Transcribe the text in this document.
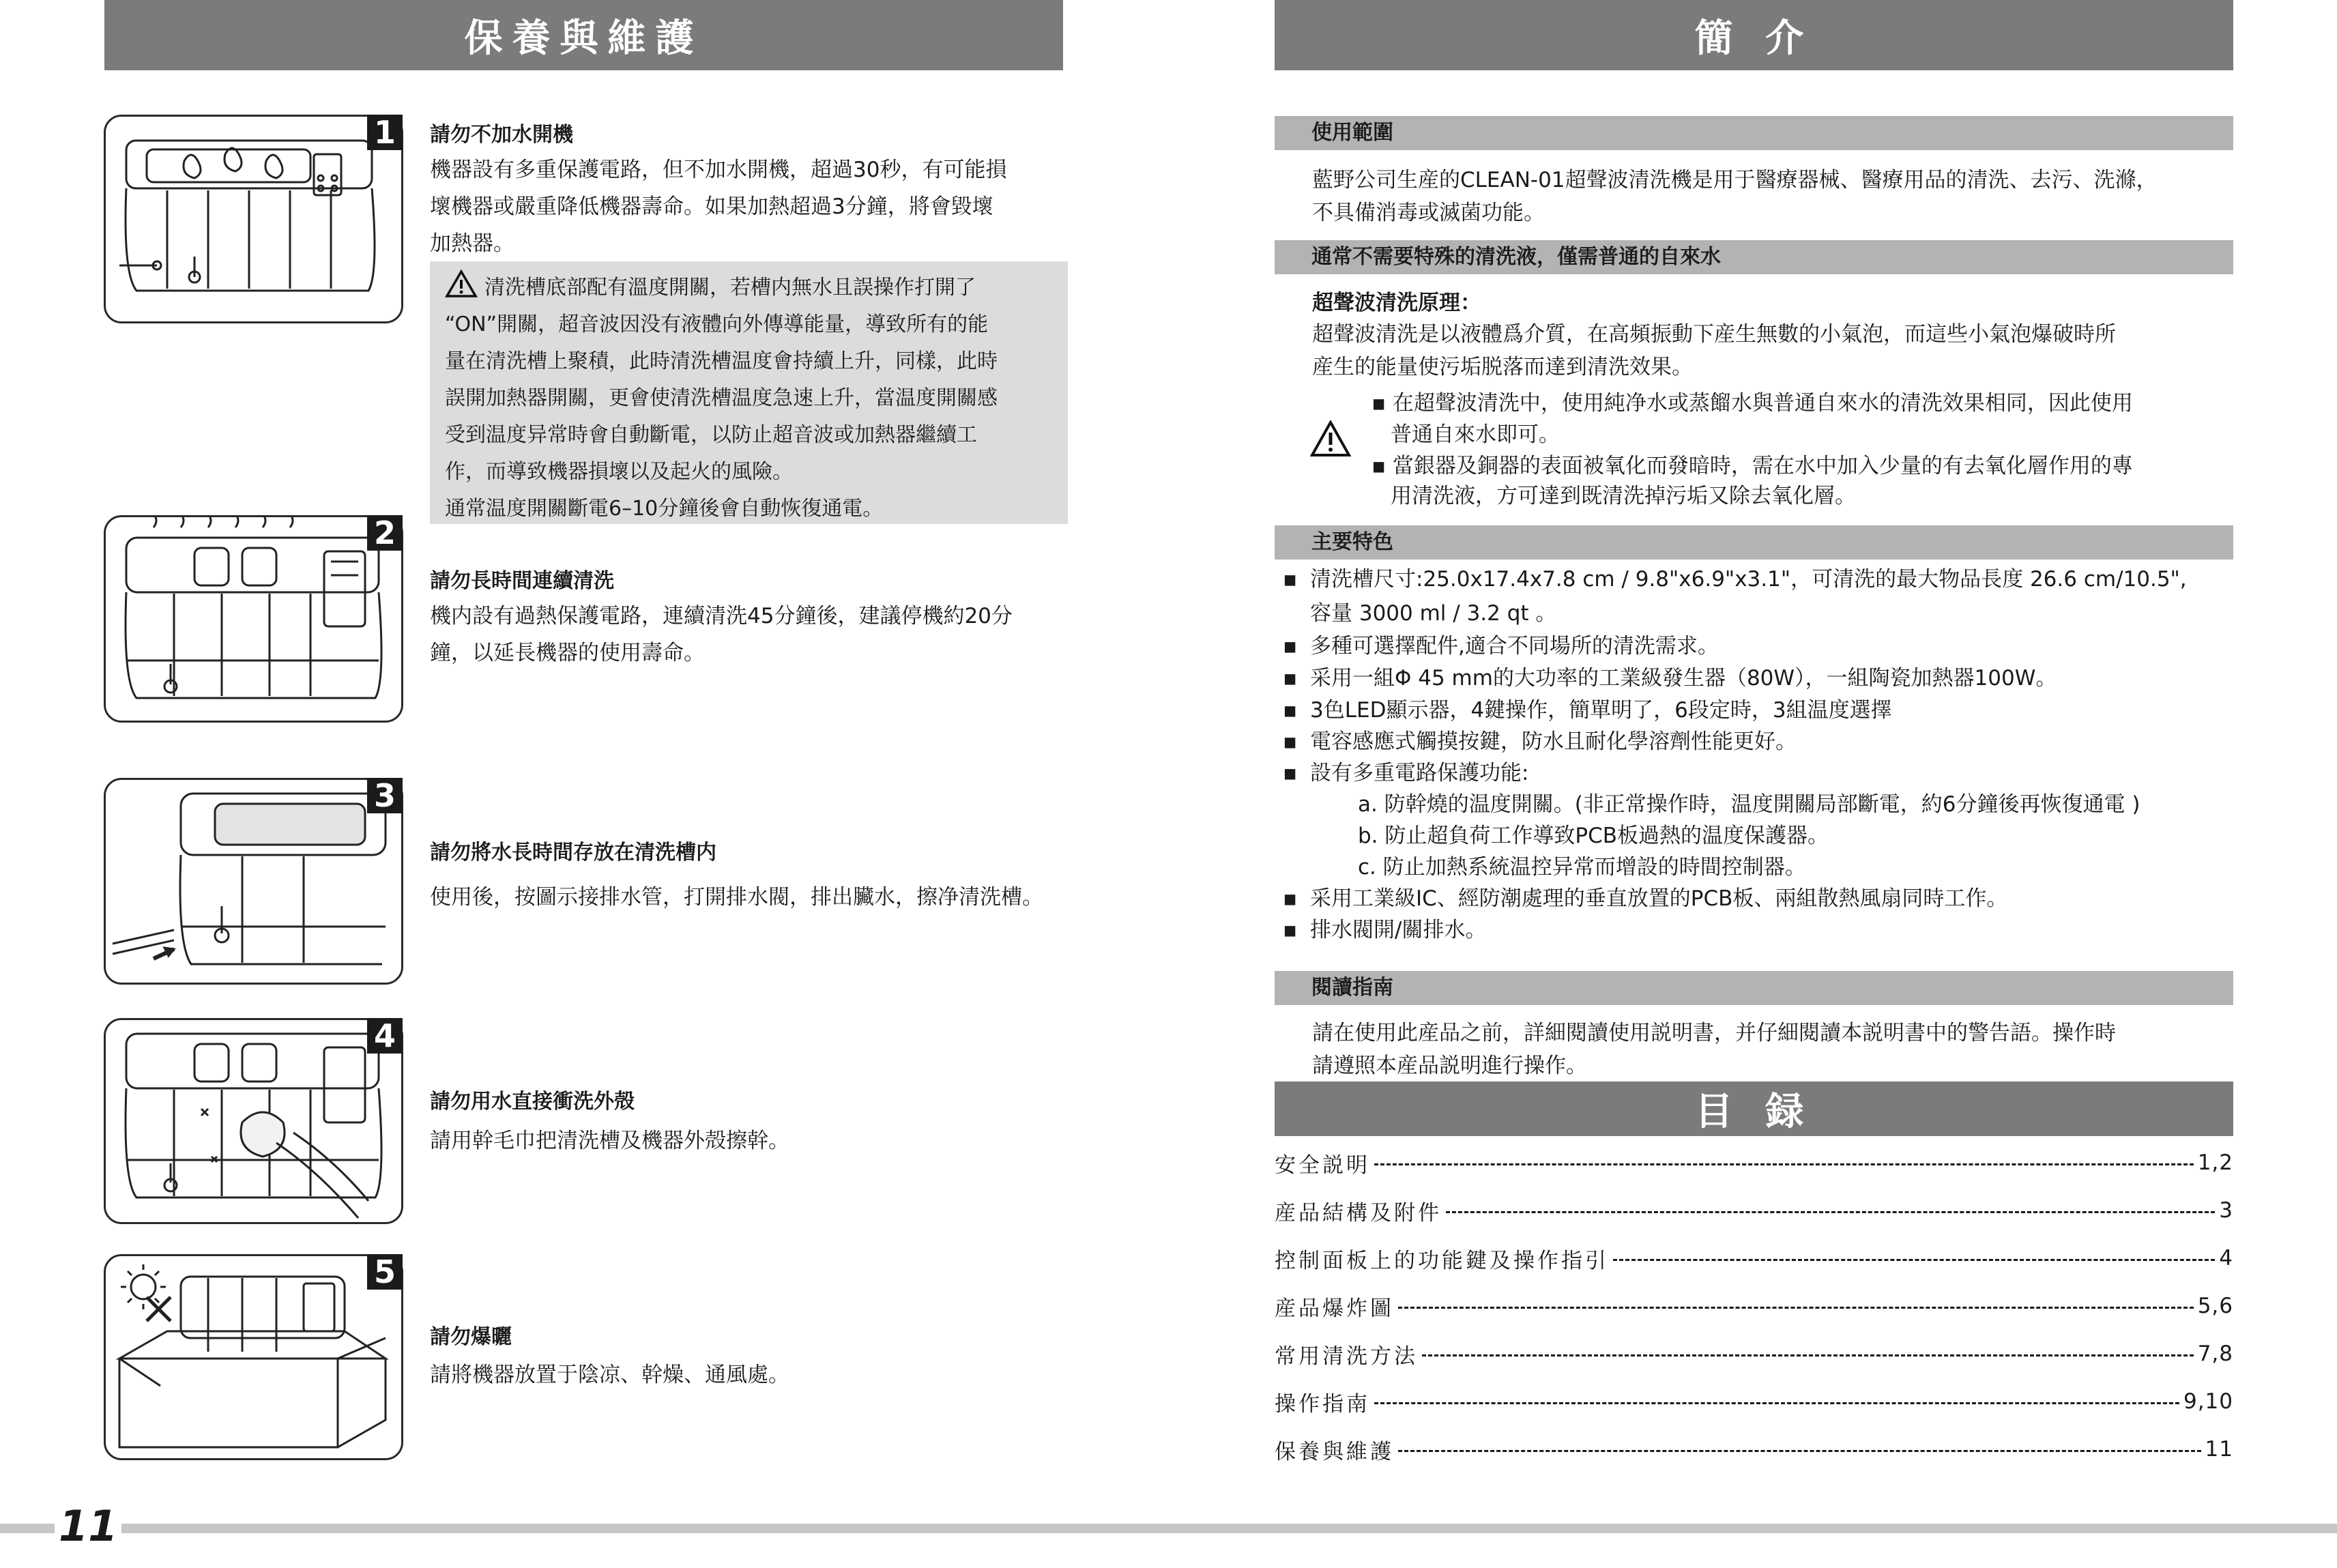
保養與維護
1	請勿不加水開機
機器設有多重保護電路，但不加水開機，超過30秒，有可能損
壞機器或嚴重降低機器壽命。如果加熱超過3分鐘，將會毀壞
加熱器。

清洗槽底部配有溫度開關，若槽内無水且誤操作打開了

“ON”開關，超音波因没有液體向外傳導能量，導致所有的能

量在清洗槽上聚積，此時清洗槽温度會持續上升，同樣，此時

誤開加熱器開關，更會使清洗槽温度急速上升，當温度開關感

受到温度异常時會自動斷電，以防止超音波或加熱器繼續工

作，而導致機器損壞以及起火的風險。

通常温度開關斷電6–10分鐘後會自動恢復通電。

2
請勿長時間連續清洗
機内設有過熱保護電路，連續清洗45分鐘後，建議停機約20分
鐘，以延長機器的使用壽命。
3
請勿將水長時間存放在清洗槽内
使用後，按圖示接排水管，打開排水閥，排出臟水，擦净清洗槽。
4
請勿用水直接衝洗外殻
請用幹毛巾把清洗槽及機器外殻擦幹。
5
請勿爆曬
請將機器放置于陰凉、幹燥、通風處。
簡 介
使用範圍

藍野公司生産的CLEAN-01超聲波清洗機是用于醫療器械、醫療用品的清洗、去污、洗滌，

不具備消毒或滅菌功能。

通常不需要特殊的清洗液，僅需普通的自來水
超聲波清洗原理：

超聲波清洗是以液體爲介質，在高頻振動下産生無數的小氣泡，而這些小氣泡爆破時所

産生的能量使污垢脱落而達到清洗效果。

▪ 在超聲波清洗中，使用純净水或蒸餾水與普通自來水的清洗效果相同，因此使用
普通自來水即可。
▪ 當銀器及銅器的表面被氧化而發暗時，需在水中加入少量的有去氧化層作用的專
用清洗液，方可達到既清洗掉污垢又除去氧化層。
主要特色
▪ 清洗槽尺寸:25.0x17.4x7.8 cm / 9.8"x6.9"x3.1"，可清洗的最大物品長度 26.6 cm/10.5",
容量 3000 ml / 3.2 qt 。
▪ 多種可選擇配件,適合不同場所的清洗需求。
▪ 采用一組Φ 45 mm的大功率的工業級發生器（80W），一組陶瓷加熱器100W。
▪ 3色LED顯示器，4鍵操作，簡單明了，6段定時，3組温度選擇
▪ 電容感應式觸摸按鍵，防水且耐化學溶劑性能更好。
▪ 設有多重電路保護功能:
a. 防幹燒的温度開關。(非正常操作時，温度開關局部斷電，約6分鐘後再恢復通電 )
b. 防止超負荷工作導致PCB板過熱的温度保護器。
c. 防止加熱系統温控异常而增設的時間控制器。
▪ 采用工業級IC、經防潮處理的垂直放置的PCB板、兩組散熱風扇同時工作。
▪ 排水閥開/關排水。
閱讀指南

請在使用此産品之前，詳細閱讀使用説明書，并仔細閱讀本説明書中的警告語。操作時

請遵照本産品説明進行操作。

目 録
安全説明	1,2
産品結構及附件	3
控制面板上的功能鍵及操作指引	4
産品爆炸圖	5,6
常用清洗方法	7,8
操作指南	9,10
保養與維護	11
11
